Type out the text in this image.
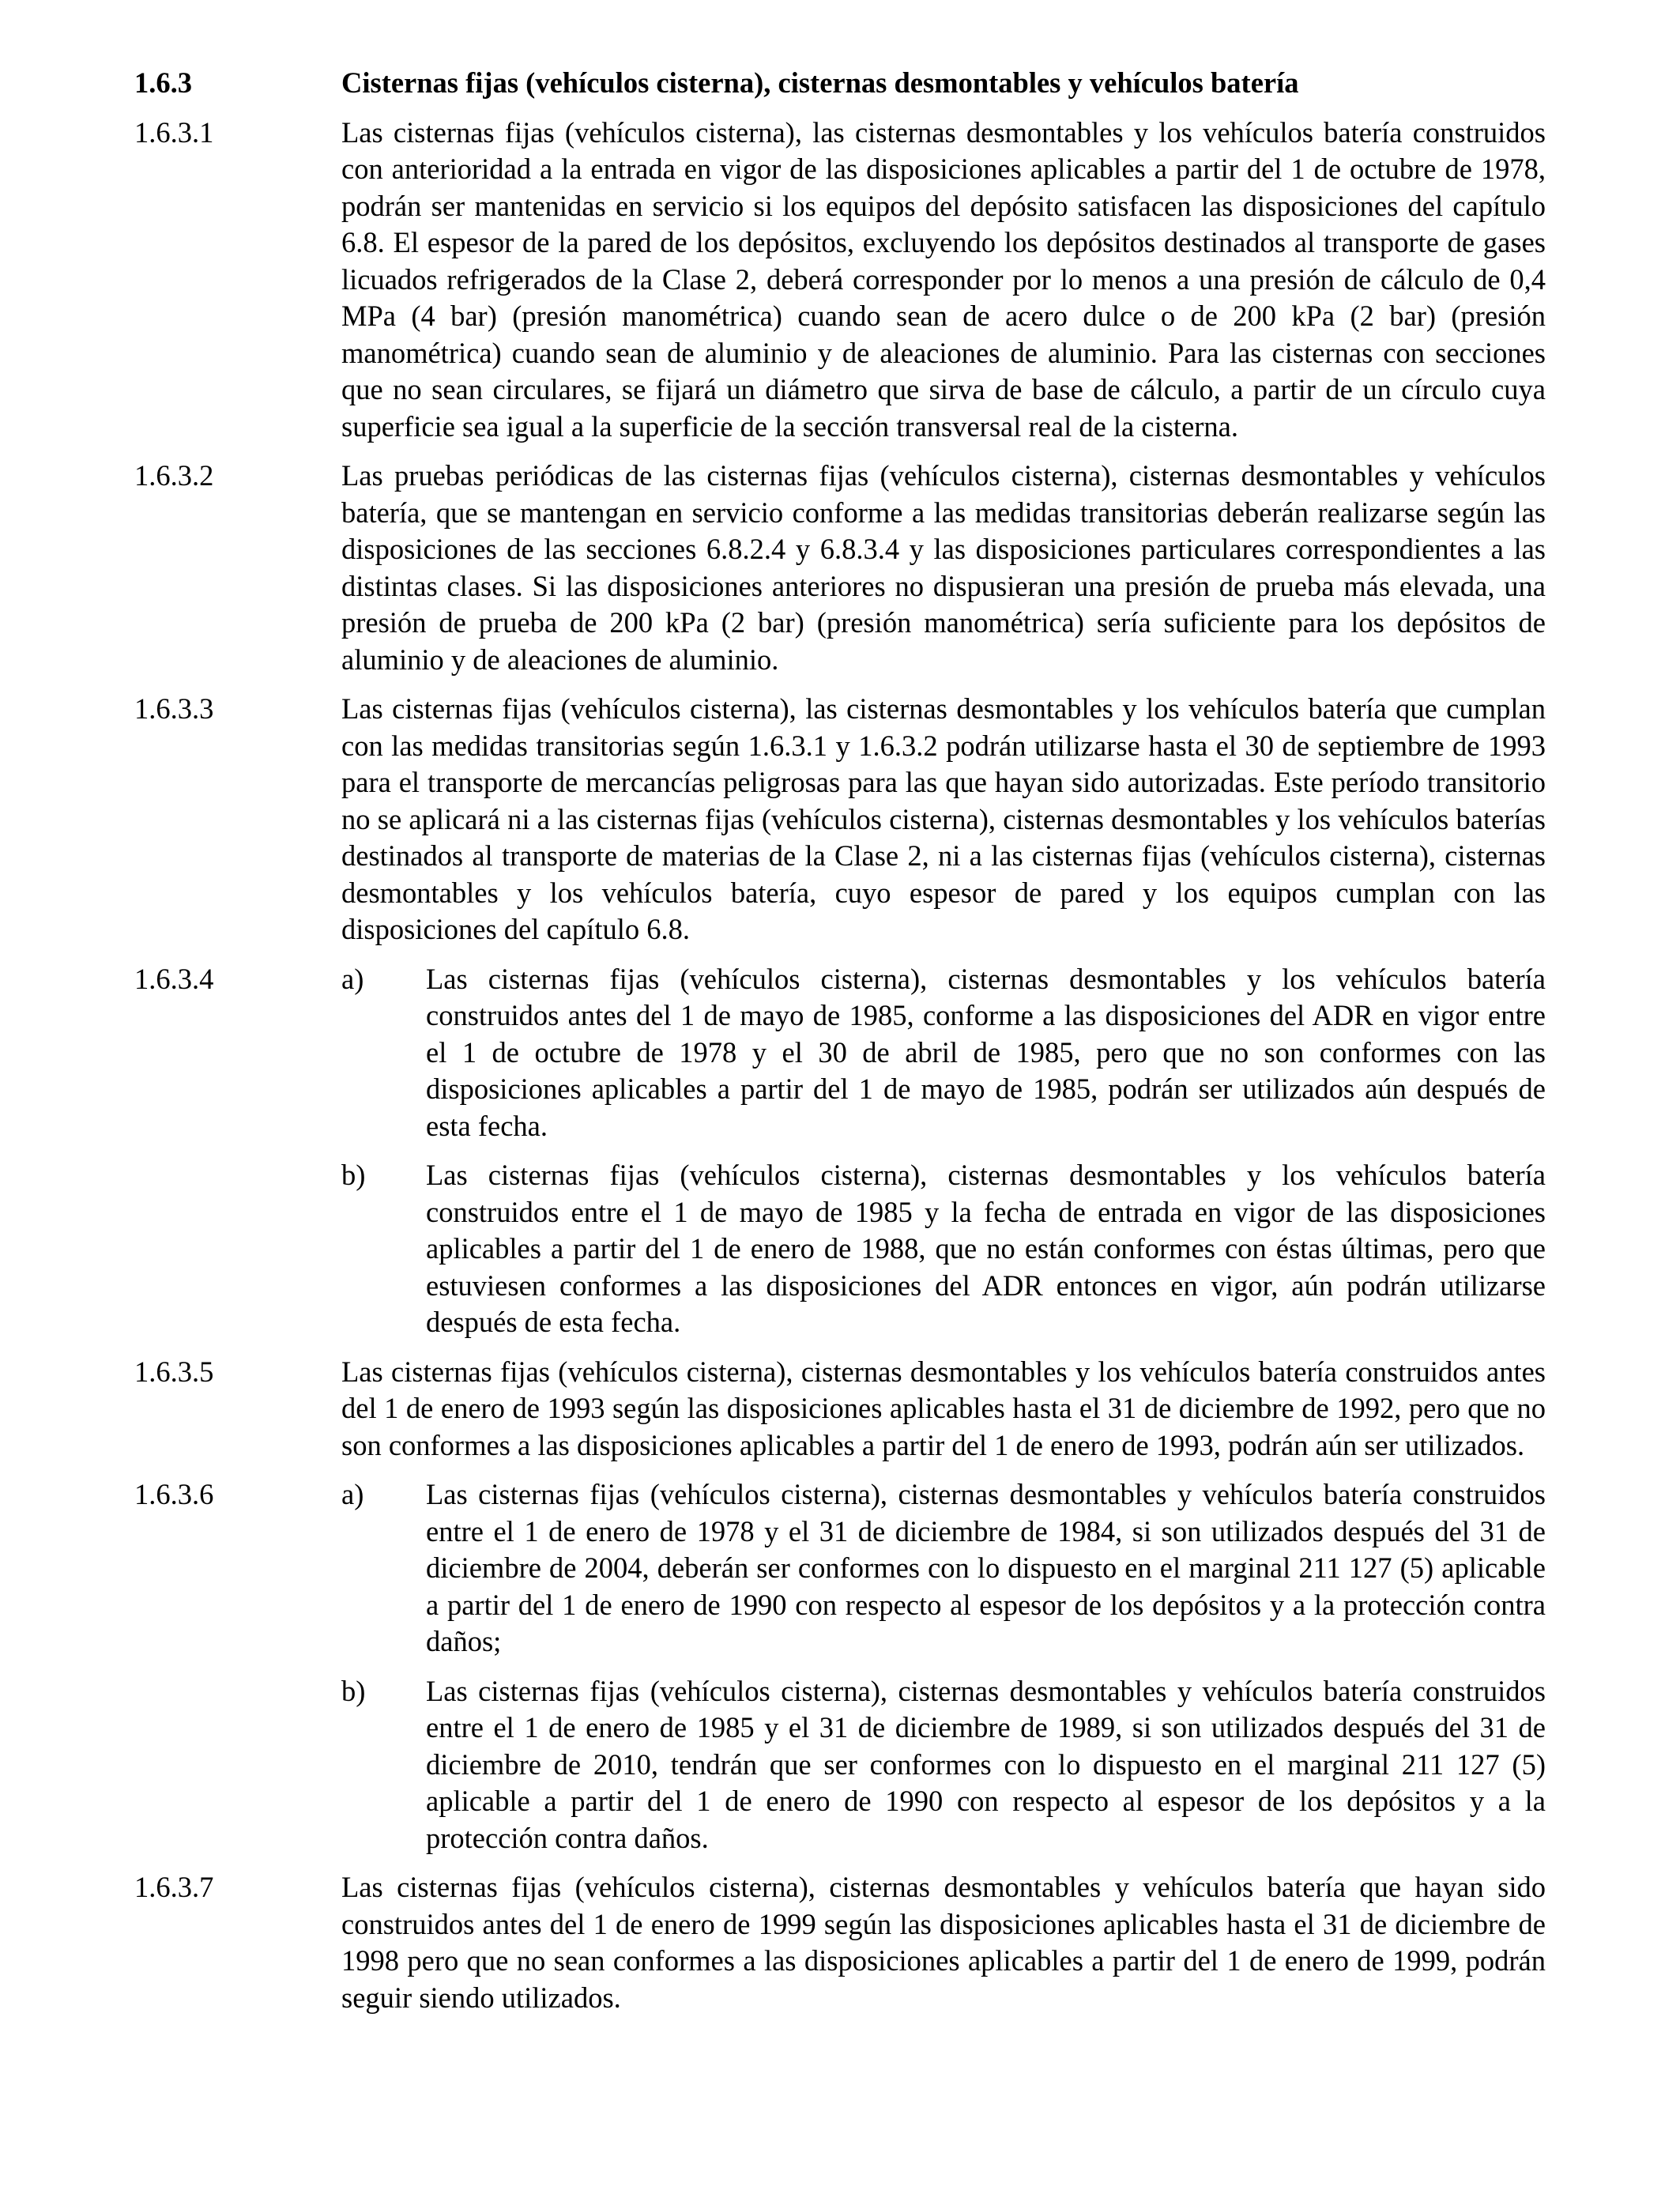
1.6.3	Cisternas fijas (vehículos cisterna), cisternas desmontables y vehículos batería
1.6.3.1	Las cisternas fijas (vehículos cisterna), las cisternas desmontables y los vehículos batería construidos con anterioridad a la entrada en vigor de las disposiciones aplicables a partir del 1 de octubre de 1978, podrán ser mantenidas en servicio si los equipos del depósito satisfacen las disposiciones del capítulo 6.8. El espesor de la pared de los depósitos, excluyendo los depósitos destinados al transporte de gases licuados refrigerados de la Clase 2, deberá corresponder por lo menos a una presión de cálculo de 0,4 MPa (4 bar) (presión manométrica) cuando sean de acero dulce o de 200 kPa (2 bar) (presión manométrica) cuando sean de aluminio y de aleaciones de aluminio. Para las cisternas con secciones que no sean circulares, se fijará un diámetro que sirva de base de cálculo, a partir de un círculo cuya superficie sea igual a la superficie de la sección transversal real de la cisterna.

1.6.3.2	Las pruebas periódicas de las cisternas fijas (vehículos cisterna), cisternas desmontables y vehículos batería, que se mantengan en servicio conforme a las medidas transitorias deberán realizarse según las disposiciones de las secciones 6.8.2.4 y 6.8.3.4 y las disposiciones particulares correspondientes a las distintas clases. Si las disposiciones anteriores no dispusieran una presión de prueba más elevada, una presión de prueba de 200 kPa (2 bar) (presión manométrica) sería suficiente para los depósitos de aluminio y de aleaciones de aluminio.

1.6.3.3	Las cisternas fijas (vehículos cisterna), las cisternas desmontables y los vehículos batería que cumplan con las medidas transitorias según 1.6.3.1 y 1.6.3.2 podrán utilizarse hasta el 30 de septiembre de 1993 para el transporte de mercancías peligrosas para las que hayan sido autorizadas. Este período transitorio no se aplicará ni a las cisternas fijas (vehículos cisterna), cisternas desmontables y los vehículos baterías destinados al transporte de materias de la Clase 2, ni a las cisternas fijas (vehículos cisterna), cisternas desmontables y los vehículos batería, cuyo espesor de pared y los equipos cumplan con las disposiciones del capítulo 6.8.

1.6.3.4	a)	Las cisternas fijas (vehículos cisterna), cisternas desmontables y los vehículos batería construidos antes del 1 de mayo de 1985, conforme a las disposiciones del ADR en vigor entre el 1 de octubre de 1978 y el 30 de abril de 1985, pero que no son conformes con las disposiciones aplicables a partir del 1 de mayo de 1985, podrán ser utilizados aún después de esta fecha.

b)	Las cisternas fijas (vehículos cisterna), cisternas desmontables y los vehículos batería construidos entre el 1 de mayo de 1985 y la fecha de entrada en vigor de las disposiciones aplicables a partir del 1 de enero de 1988, que no están conformes con éstas últimas, pero que estuviesen conformes a las disposiciones del ADR entonces en vigor, aún podrán utilizarse después de esta fecha.

1.6.3.5	Las cisternas fijas (vehículos cisterna), cisternas desmontables y los vehículos batería construidos antes del 1 de enero de 1993 según las disposiciones aplicables hasta el 31 de diciembre de 1992, pero que no son conformes a las disposiciones aplicables a partir del 1 de enero de 1993, podrán aún ser utilizados.

1.6.3.6	a)	Las cisternas fijas (vehículos cisterna), cisternas desmontables y vehículos batería construidos entre el 1 de enero de 1978 y el 31 de diciembre de 1984, si son utilizados después del 31 de diciembre de 2004, deberán ser conformes con lo dispuesto en el marginal 211 127 (5) aplicable a partir del 1 de enero de 1990 con respecto al espesor de los depósitos y a la protección contra daños;

b)	Las cisternas fijas (vehículos cisterna), cisternas desmontables y vehículos batería construidos entre el 1 de enero de 1985 y el 31 de diciembre de 1989, si son utilizados después del 31 de diciembre de 2010, tendrán que ser conformes con lo dispuesto en el marginal 211 127 (5) aplicable a partir del 1 de enero de 1990 con respecto al espesor de los depósitos y a la protección contra daños.

1.6.3.7	Las cisternas fijas (vehículos cisterna), cisternas desmontables y vehículos batería que hayan sido construidos antes del 1 de enero de 1999 según las disposiciones aplicables hasta el 31 de diciembre de 1998 pero que no sean conformes a las disposiciones aplicables a partir del 1 de enero de 1999, podrán seguir siendo utilizados.
